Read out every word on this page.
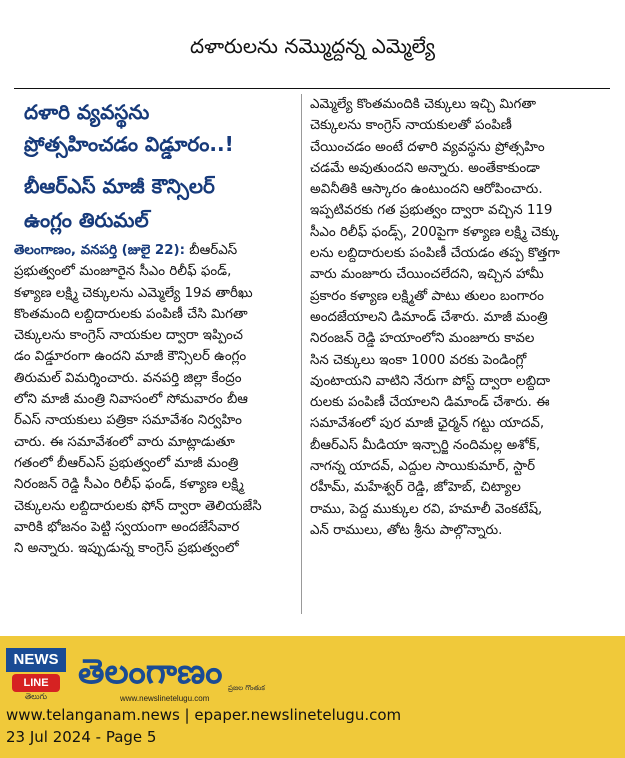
దళారులను నమ్మొద్దన్న ఎమ్మెల్యే
దళారి వ్యవస్థను
ప్రోత్సహించడం విడ్డూరం..!
బీఆర్ఎస్ మాజీ కౌన్సిలర్
ఉంగ్లం తిరుమల్
తెలంగాణం, వనపర్తి (జులై 22): బీఆర్ఎస్
ప్రభుత్వంలో మంజూరైన సీఎం రిలీఫ్ ఫండ్,
కళ్యాణ లక్ష్మి చెక్కులను ఎమ్మెల్యే 19వ తారీఖు
కొంతమంది లబ్దిదారులకు పంపిణీ చేసి మిగతా
చెక్కులను కాంగ్రెస్ నాయకుల ద్వారా ఇప్పించ
డం విడ్డూరంగా ఉందని మాజీ కౌన్సిలర్ ఉంగ్లం
తిరుమల్ విమర్శించారు. వనపర్తి జిల్లా కేంద్రం
లోని మాజీ మంత్రి నివాసంలో సోమవారం బీఆ
ర్ఎస్ నాయకులు పత్రికా సమావేశం నిర్వహిం
చారు. ఈ సమావేశంలో వారు మాట్లాడుతూ
గతంలో బీఆర్ఎస్ ప్రభుత్వంలో మాజీ మంత్రి
నిరంజన్ రెడ్డి సీఎం రిలీఫ్ ఫండ్, కళ్యాణ లక్ష్మి
చెక్కులను లబ్దిదారులకు ఫోన్ ద్వారా తెలియజేసి
వారికి భోజనం పెట్టి స్వయంగా అందజేసేవార
ని అన్నారు. ఇప్పుడున్న కాంగ్రెస్ ప్రభుత్వంలో
ఎమ్మెల్యే కొంతమందికి చెక్కులు ఇచ్చి మిగతా
చెక్కులను కాంగ్రెస్ నాయకులతో పంపిణీ
చేయించడం అంటే దళారి వ్యవస్థను ప్రోత్సహిం
చడమే అవుతుందని అన్నారు. అంతేకాకుండా
అవినీతికి ఆస్కారం ఉంటుందని ఆరోపించారు.
ఇప్పటివరకు గత ప్రభుత్వం ద్వారా వచ్చిన 119
సీఎం రిలీఫ్ ఫండ్స్, 200పైగా కళ్యాణ లక్ష్మి చెక్కు
లను లబ్దిదారులకు పంపిణీ చేయడం తప్ప కొత్తగా
వారు మంజూరు చేయించలేదని, ఇచ్చిన హామీ
ప్రకారం కళ్యాణ లక్ష్మితో పాటు తులం బంగారం
అందజేయాలని డిమాండ్ చేశారు. మాజీ మంత్రి
నిరంజన్ రెడ్డి హయాంలోని మంజూరు కావల
సిన చెక్కులు ఇంకా 1000 వరకు పెండింగ్లో
వుంటాయని వాటిని నేరుగా పోస్ట్ ద్వారా లబ్దిదా
రులకు పంపిణీ చేయాలని డిమాండ్ చేశారు. ఈ
సమావేశంలో పుర మాజీ ఛైర్మన్ గట్టు యాదవ్,
బీఆర్ఎస్ మీడియా ఇన్చార్జి నందిమల్ల అశోక్,
నాగన్న యాదవ్, ఎద్దుల సాయికుమార్, స్టార్
రహీమ్, మహేశ్వర్ రెడ్డి, జోహెబ్, చిట్యాల
రాము, పెద్ద ముక్కుల రవి, హమాలీ వెంకటేష్,
ఎన్ రాములు, తోట శ్రీను పాల్గొన్నారు.
NEWS
LINE
తెలుగు
తెలంగాణం ప్రజల గొంతుక
www.newslinetelugu.com
www.telanganam.news | epaper.newslinetelugu.com
23 Jul 2024 - Page 5
